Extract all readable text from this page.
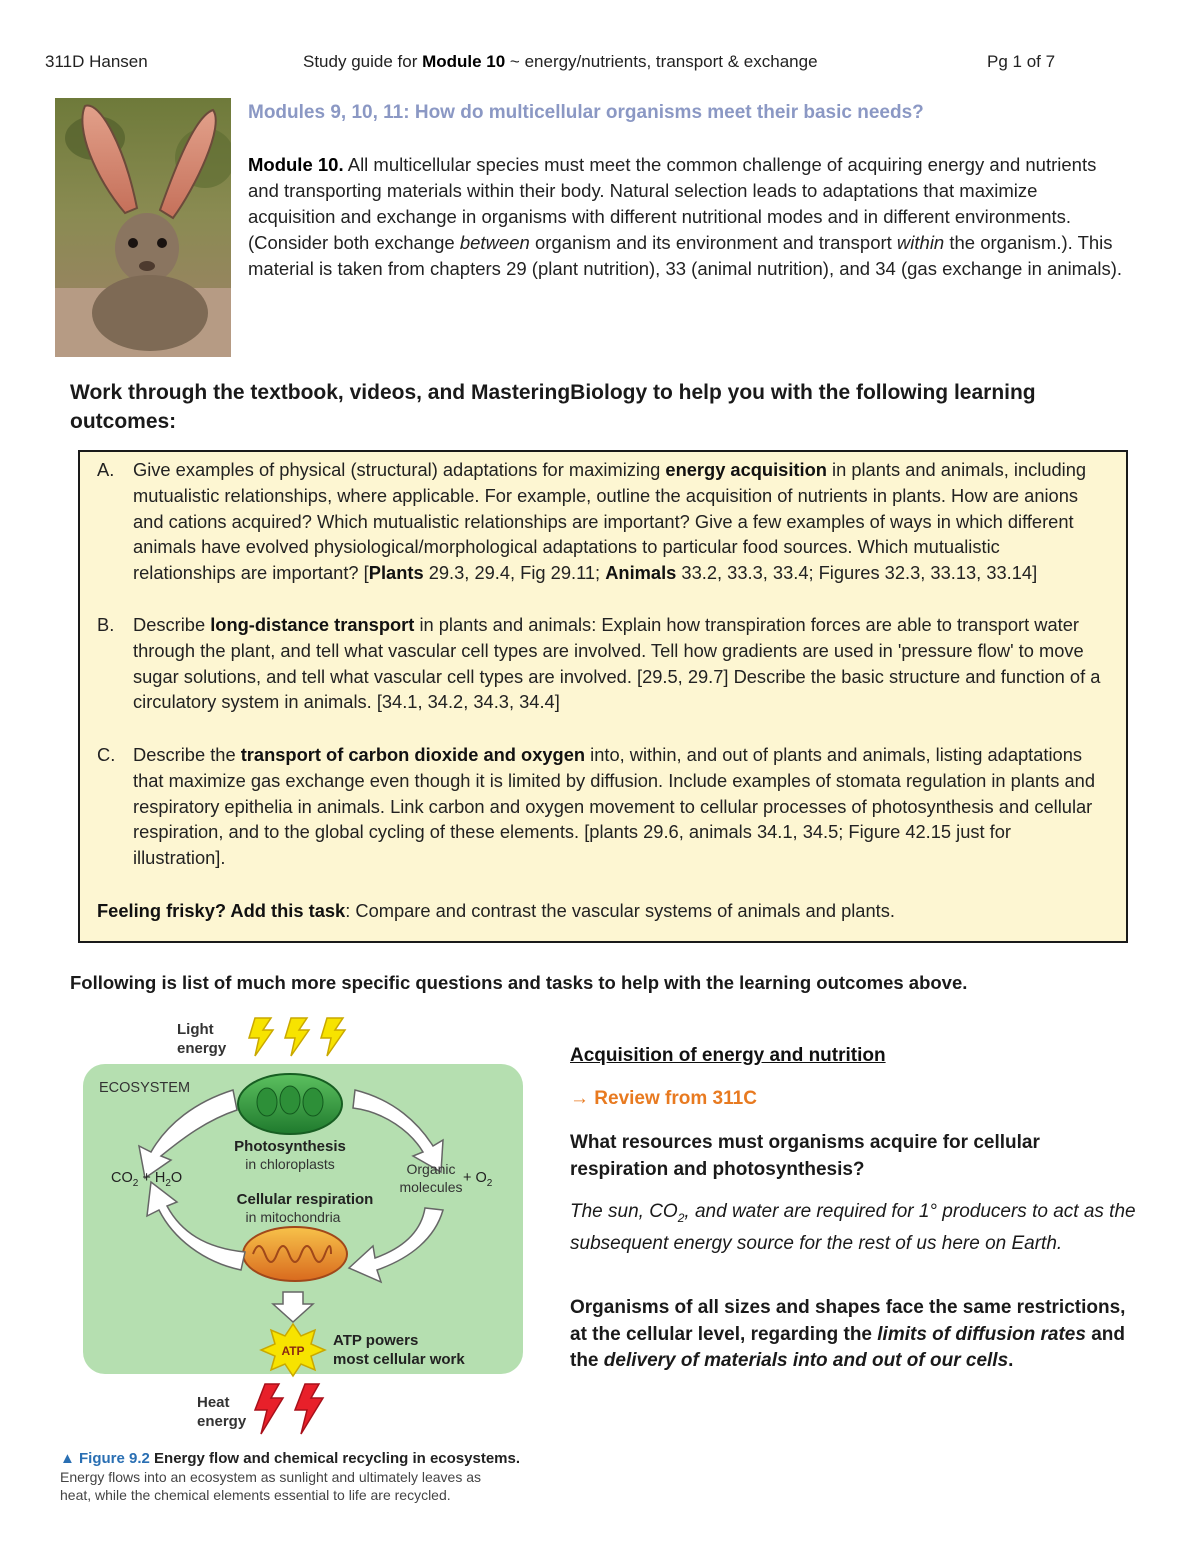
311D Hansen	Study guide for Module 10 ~ energy/nutrients, transport & exchange	Pg 1 of 7
Modules 9, 10, 11: How do multicellular organisms meet their basic needs?
Module 10. All multicellular species must meet the common challenge of acquiring energy and nutrients and transporting materials within their body. Natural selection leads to adaptations that maximize acquisition and exchange in organisms with different nutritional modes and in different environments. (Consider both exchange between organism and its environment and transport within the organism.). This material is taken from chapters 29 (plant nutrition), 33 (animal nutrition), and 34 (gas exchange in animals).
Work through the textbook, videos, and MasteringBiology to help you with the following learning outcomes:
A. Give examples of physical (structural) adaptations for maximizing energy acquisition in plants and animals, including mutualistic relationships, where applicable. For example, outline the acquisition of nutrients in plants. How are anions and cations acquired? Which mutualistic relationships are important? Give a few examples of ways in which different animals have evolved physiological/morphological adaptations to particular food sources. Which mutualistic relationships are important? [Plants 29.3, 29.4, Fig 29.11; Animals 33.2, 33.3, 33.4; Figures 32.3, 33.13, 33.14]
B. Describe long-distance transport in plants and animals: Explain how transpiration forces are able to transport water through the plant, and tell what vascular cell types are involved. Tell how gradients are used in 'pressure flow' to move sugar solutions, and tell what vascular cell types are involved. [29.5, 29.7] Describe the basic structure and function of a circulatory system in animals. [34.1, 34.2, 34.3, 34.4]
C. Describe the transport of carbon dioxide and oxygen into, within, and out of plants and animals, listing adaptations that maximize gas exchange even though it is limited by diffusion. Include examples of stomata regulation in plants and respiratory epithelia in animals. Link carbon and oxygen movement to cellular processes of photosynthesis and cellular respiration, and to the global cycling of these elements. [plants 29.6, animals 34.1, 34.5; Figure 42.15 just for illustration].
Feeling frisky? Add this task: Compare and contrast the vascular systems of animals and plants.
Following is list of much more specific questions and tasks to help with the learning outcomes above.
ECOSYSTEM
Light
energy
Photosynthesis
in chloroplasts
Cellular respiration
in mitochondria
$CO_2 + H_2O$
Organic
molecules
+ $O_2$
ATP
ATP powers
most cellular work
Heat
energy
▲ Figure 9.2 Energy flow and chemical recycling in ecosystems.
Energy flows into an ecosystem as sunlight and ultimately leaves as
heat, while the chemical elements essential to life are recycled.
Acquisition of energy and nutrition
→ Review from 311C
What resources must organisms acquire for cellular respiration and photosynthesis?
The sun, $CO_2$, and water are required for 1° producers to act as the subsequent energy source for the rest of us here on Earth.
Organisms of all sizes and shapes face the same restrictions, at the cellular level, regarding the limits of diffusion rates and the delivery of materials into and out of our cells.
